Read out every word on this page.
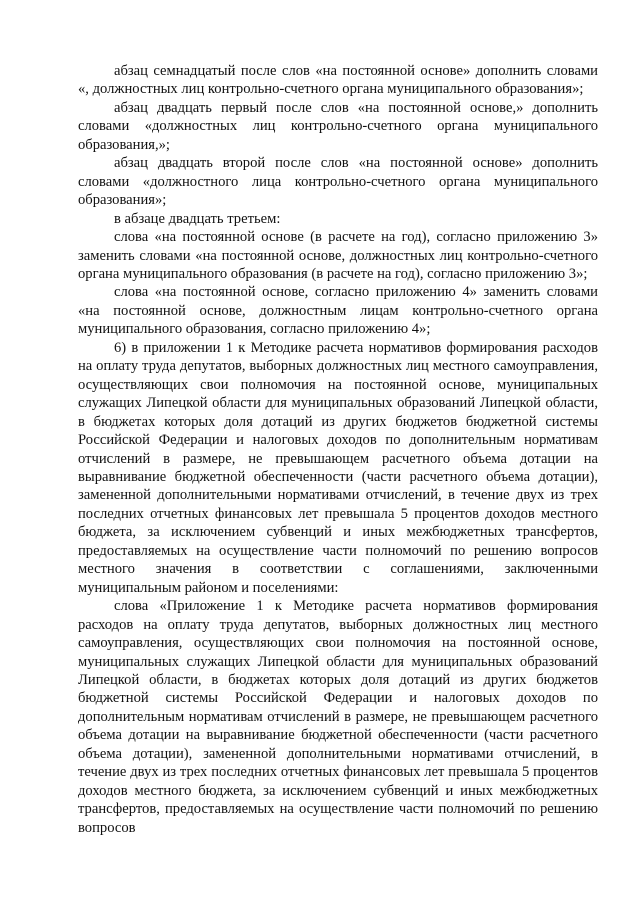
абзац семнадцатый после слов «на постоянной основе» дополнить словами «, должностных лиц контрольно-счетного органа муниципального образования»;

абзац двадцать первый после слов «на постоянной основе,» дополнить словами «должностных лиц контрольно-счетного органа муниципального образования,»;

абзац двадцать второй после слов «на постоянной основе» дополнить словами «должностного лица контрольно-счетного органа муниципального образования»;

в абзаце двадцать третьем:

слова «на постоянной основе (в расчете на год), согласно приложению 3» заменить словами «на постоянной основе, должностных лиц контрольно-счетного органа муниципального образования (в расчете на год), согласно приложению 3»;

слова «на постоянной основе, согласно приложению 4» заменить словами «на постоянной основе, должностным лицам контрольно-счетного органа муниципального образования, согласно приложению 4»;

6) в приложении 1 к Методике расчета нормативов формирования расходов на оплату труда депутатов, выборных должностных лиц местного самоуправления, осуществляющих свои полномочия на постоянной основе, муниципальных служащих Липецкой области для муниципальных образований Липецкой области, в бюджетах которых доля дотаций из других бюджетов бюджетной системы Российской Федерации и налоговых доходов по дополнительным нормативам отчислений в размере, не превышающем расчетного объема дотации на выравнивание бюджетной обеспеченности (части расчетного объема дотации), замененной дополнительными нормативами отчислений, в течение двух из трех последних отчетных финансовых лет превышала 5 процентов доходов местного бюджета, за исключением субвенций и иных межбюджетных трансфертов, предоставляемых на осуществление части полномочий по решению вопросов местного значения в соответствии с соглашениями, заключенными муниципальным районом и поселениями:

слова «Приложение 1 к Методике расчета нормативов формирования расходов на оплату труда депутатов, выборных должностных лиц местного самоуправления, осуществляющих свои полномочия на постоянной основе, муниципальных служащих Липецкой области для муниципальных образований Липецкой области, в бюджетах которых доля дотаций из других бюджетов бюджетной системы Российской Федерации и налоговых доходов по дополнительным нормативам отчислений в размере, не превышающем расчетного объема дотации на выравнивание бюджетной обеспеченности (части расчетного объема дотации), замененной дополнительными нормативами отчислений, в течение двух из трех последних отчетных финансовых лет превышала 5 процентов доходов местного бюджета, за исключением субвенций и иных межбюджетных трансфертов, предоставляемых на осуществление части полномочий по решению вопросов
